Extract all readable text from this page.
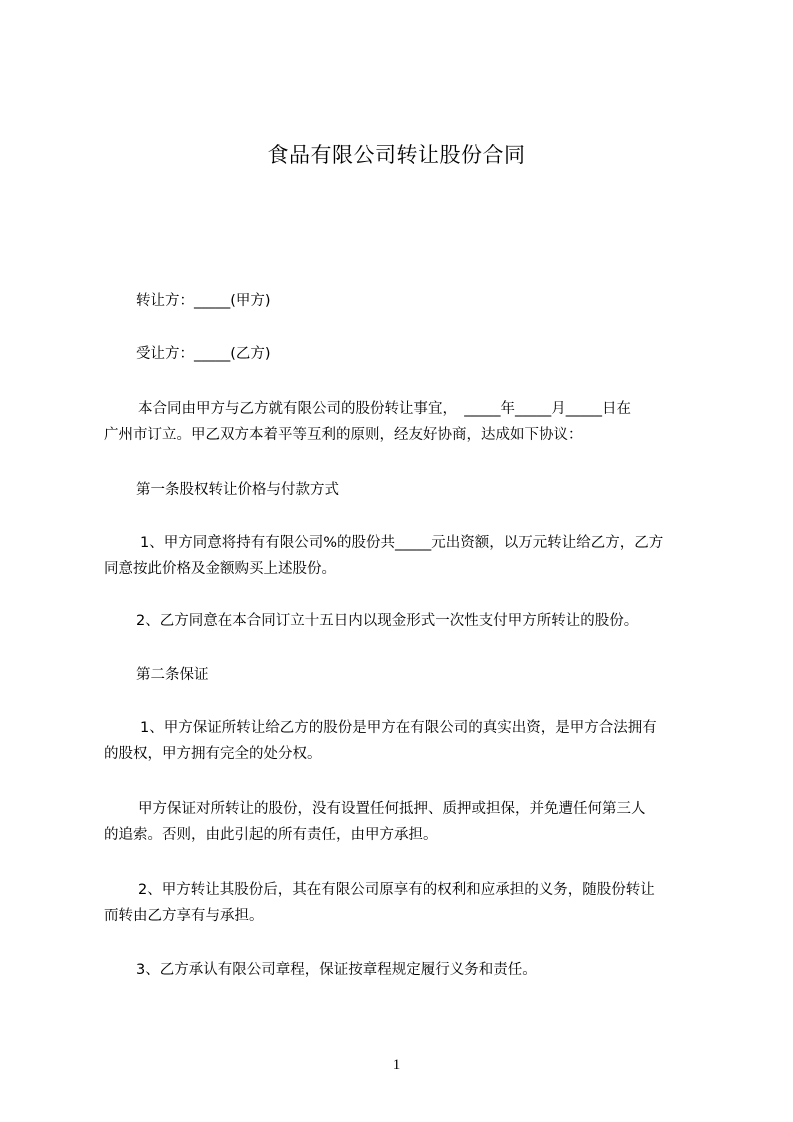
食品有限公司转让股份合同
转让方：_____(甲方)
受让方：_____(乙方)
本合同由甲方与乙方就有限公司的股份转让事宜，　_____年_____月_____日在
广州市订立。甲乙双方本着平等互利的原则，经友好协商，达成如下协议：
第一条股权转让价格与付款方式
1、甲方同意将持有有限公司%的股份共_____元出资额，以万元转让给乙方，乙方
同意按此价格及金额购买上述股份。
2、乙方同意在本合同订立十五日内以现金形式一次性支付甲方所转让的股份。
第二条保证
1、甲方保证所转让给乙方的股份是甲方在有限公司的真实出资，是甲方合法拥有
的股权，甲方拥有完全的处分权。
甲方保证对所转让的股份，没有设置任何抵押、质押或担保，并免遭任何第三人
的追索。否则，由此引起的所有责任，由甲方承担。
2、甲方转让其股份后，其在有限公司原享有的权利和应承担的义务，随股份转让
而转由乙方享有与承担。
3、乙方承认有限公司章程，保证按章程规定履行义务和责任。
1
